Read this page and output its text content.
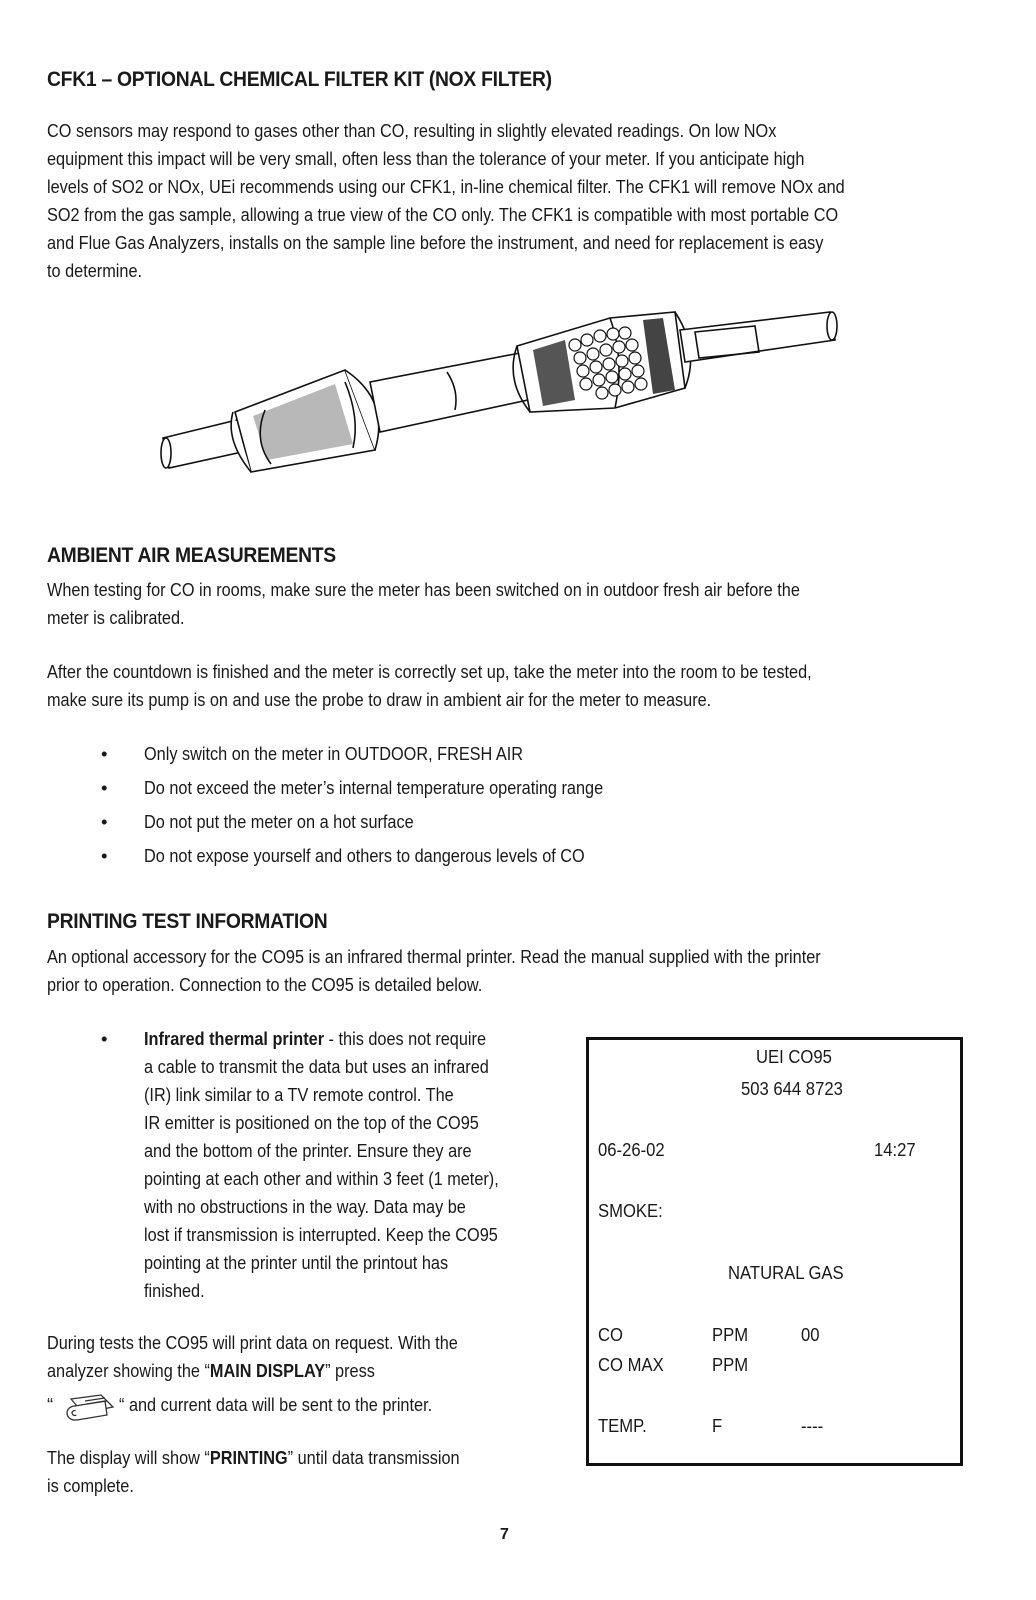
CFK1 – OPTIONAL CHEMICAL FILTER KIT (NOX FILTER)

CO sensors may respond to gases other than CO, resulting in slightly elevated readings. On low NOx

equipment this impact will be very small, often less than the tolerance of your meter. If you anticipate high

levels of SO2 or NOx, UEi recommends using our CFK1, in-line chemical filter. The CFK1 will remove NOx and

SO2 from the gas sample, allowing a true view of the CO only. The CFK1 is compatible with most portable CO

and Flue Gas Analyzers, installs on the sample line before the instrument, and need for replacement is easy

to determine.

AMBIENT AIR MEASUREMENTS

When testing for CO in rooms, make sure the meter has been switched on in outdoor fresh air before the

meter is calibrated.

After the countdown is finished and the meter is correctly set up, take the meter into the room to be tested,

make sure its pump is on and use the probe to draw in ambient air for the meter to measure.

•	Only switch on the meter in OUTDOOR, FRESH AIR
•	Do not exceed the meter’s internal temperature operating range
•	Do not put the meter on a hot surface
•	Do not expose yourself and others to dangerous levels of CO
PRINTING TEST INFORMATION

An optional accessory for the CO95 is an infrared thermal printer. Read the manual supplied with the printer

prior to operation. Connection to the CO95 is detailed below.

• Infrared thermal printer - this does not require

a cable to transmit the data but uses an infrared

(IR) link similar to a TV remote control. The

IR emitter is positioned on the top of the CO95

and the bottom of the printer. Ensure they are

pointing at each other and within 3 feet (1 meter),

with no obstructions in the way. Data may be

lost if transmission is interrupted. Keep the CO95

pointing at the printer until the printout has

finished.

During tests the CO95 will print data on request. With the

analyzer showing the “MAIN DISPLAY” press

“	“ and current data will be sent to the printer.

The display will show “PRINTING” until data transmission

is complete.

UEI CO95
503 644 8723
06-26-02	14:27
SMOKE:
NATURAL GAS
CO	PPM	00
CO MAX	PPM
TEMP.	F	----
7
